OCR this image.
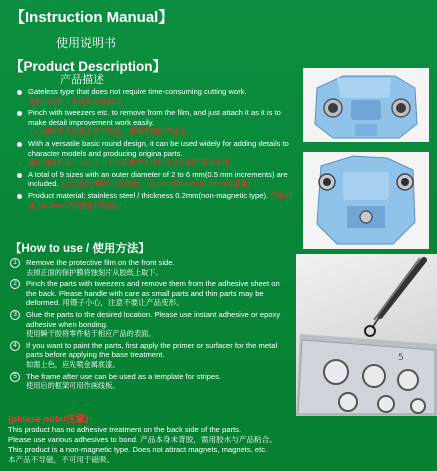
【Instruction Manual】
使用说明书
【Product Description】
产品描述
Gateless type that does not require time-consuming cutting work.
无料口设计，无需费时修料口。
Pinch with tweezers etc. to remove from the film, and just attach it as it is to make detail improvement work easily.
小心用镊子从胶板上取下物品，再粘于相应产品上。
With a versatile basic round design, it can be used widely for adding details to character models and producing origina parts.
通用的圆形设计可广泛用于公仔模型上增补细节和制作原创零件。
A total of 9 sizes with an outer diameter of 2 to 6 mm(0.5 mm increments) are included. 总共包含9种尺寸的外径，从2mm到6mm (0.5mm的增量)。
Product material: stainless steel / thickness 0.2mm(non-magnetic type). 产品材质为0.2mm不锈钢(不导磁)。
【How to use / 使用方法】
1	Remove the protective film on the front side.
去掉正面的保护膜将蚀刻片从胶纸上取下。
2	Pinch the parts with tweezers and remove them from the adhesive sheet on the back. Please handle with care as small parts and thin parts may be deformed. 用镊子小心，注意不要让产品变形。
3	Glue the parts to the desired location. Please use instant adhesive or epoxy adhesive when bonding.
使用瞬干胶将零件粘于相应产品的表面。
4	If you want to paint the parts, first apply the primer or surfacer for the metal parts before applying the base treatment.
如需上色，应先喷金属底漆。
5	The frame after use can be used as a template for stripes.
使用后的框架可用作画线板。
(please note/注意)
This product has no adhesive treatment on the back side of the parts.
Please use various adhesives to bond. 产品本身未背胶，需用胶水与产品粘合。
This product is a non-magnetic type. Does not attract magnets, magnets, etc.
本产品不导磁，不可用于磁吸。
5
